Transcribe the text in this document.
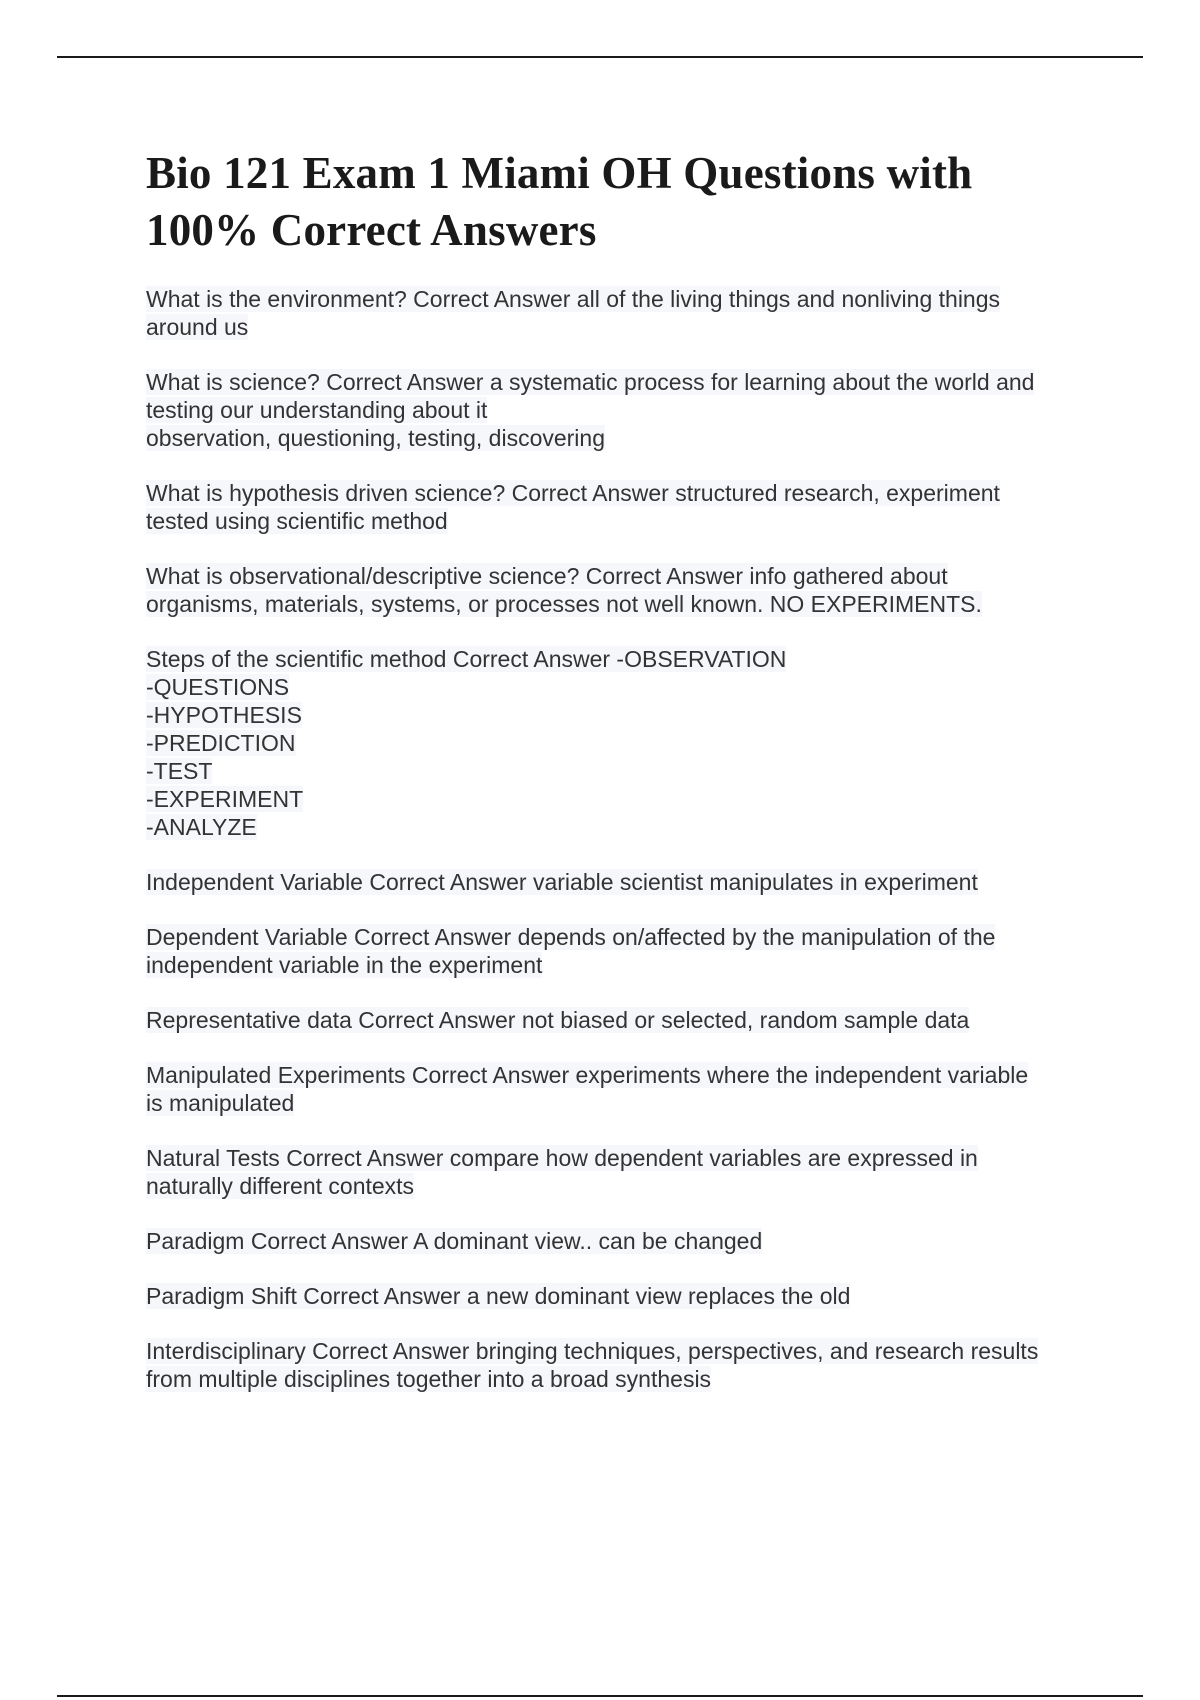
Bio 121 Exam 1 Miami OH Questions with 100% Correct Answers

What is the environment? Correct Answer all of the living things and nonliving things
around us

What is science? Correct Answer a systematic process for learning about the world and
testing our understanding about it
observation, questioning, testing, discovering

What is hypothesis driven science? Correct Answer structured research, experiment
tested using scientific method

What is observational/descriptive science? Correct Answer info gathered about
organisms, materials, systems, or processes not well known. NO EXPERIMENTS.

Steps of the scientific method Correct Answer -OBSERVATION
-QUESTIONS
-HYPOTHESIS
-PREDICTION
-TEST
-EXPERIMENT
-ANALYZE

Independent Variable Correct Answer variable scientist manipulates in experiment

Dependent Variable Correct Answer depends on/affected by the manipulation of the
independent variable in the experiment

Representative data Correct Answer not biased or selected, random sample data

Manipulated Experiments Correct Answer experiments where the independent variable
is manipulated

Natural Tests Correct Answer compare how dependent variables are expressed in
naturally different contexts

Paradigm Correct Answer A dominant view.. can be changed

Paradigm Shift Correct Answer a new dominant view replaces the old

Interdisciplinary Correct Answer bringing techniques, perspectives, and research results
from multiple disciplines together into a broad synthesis
